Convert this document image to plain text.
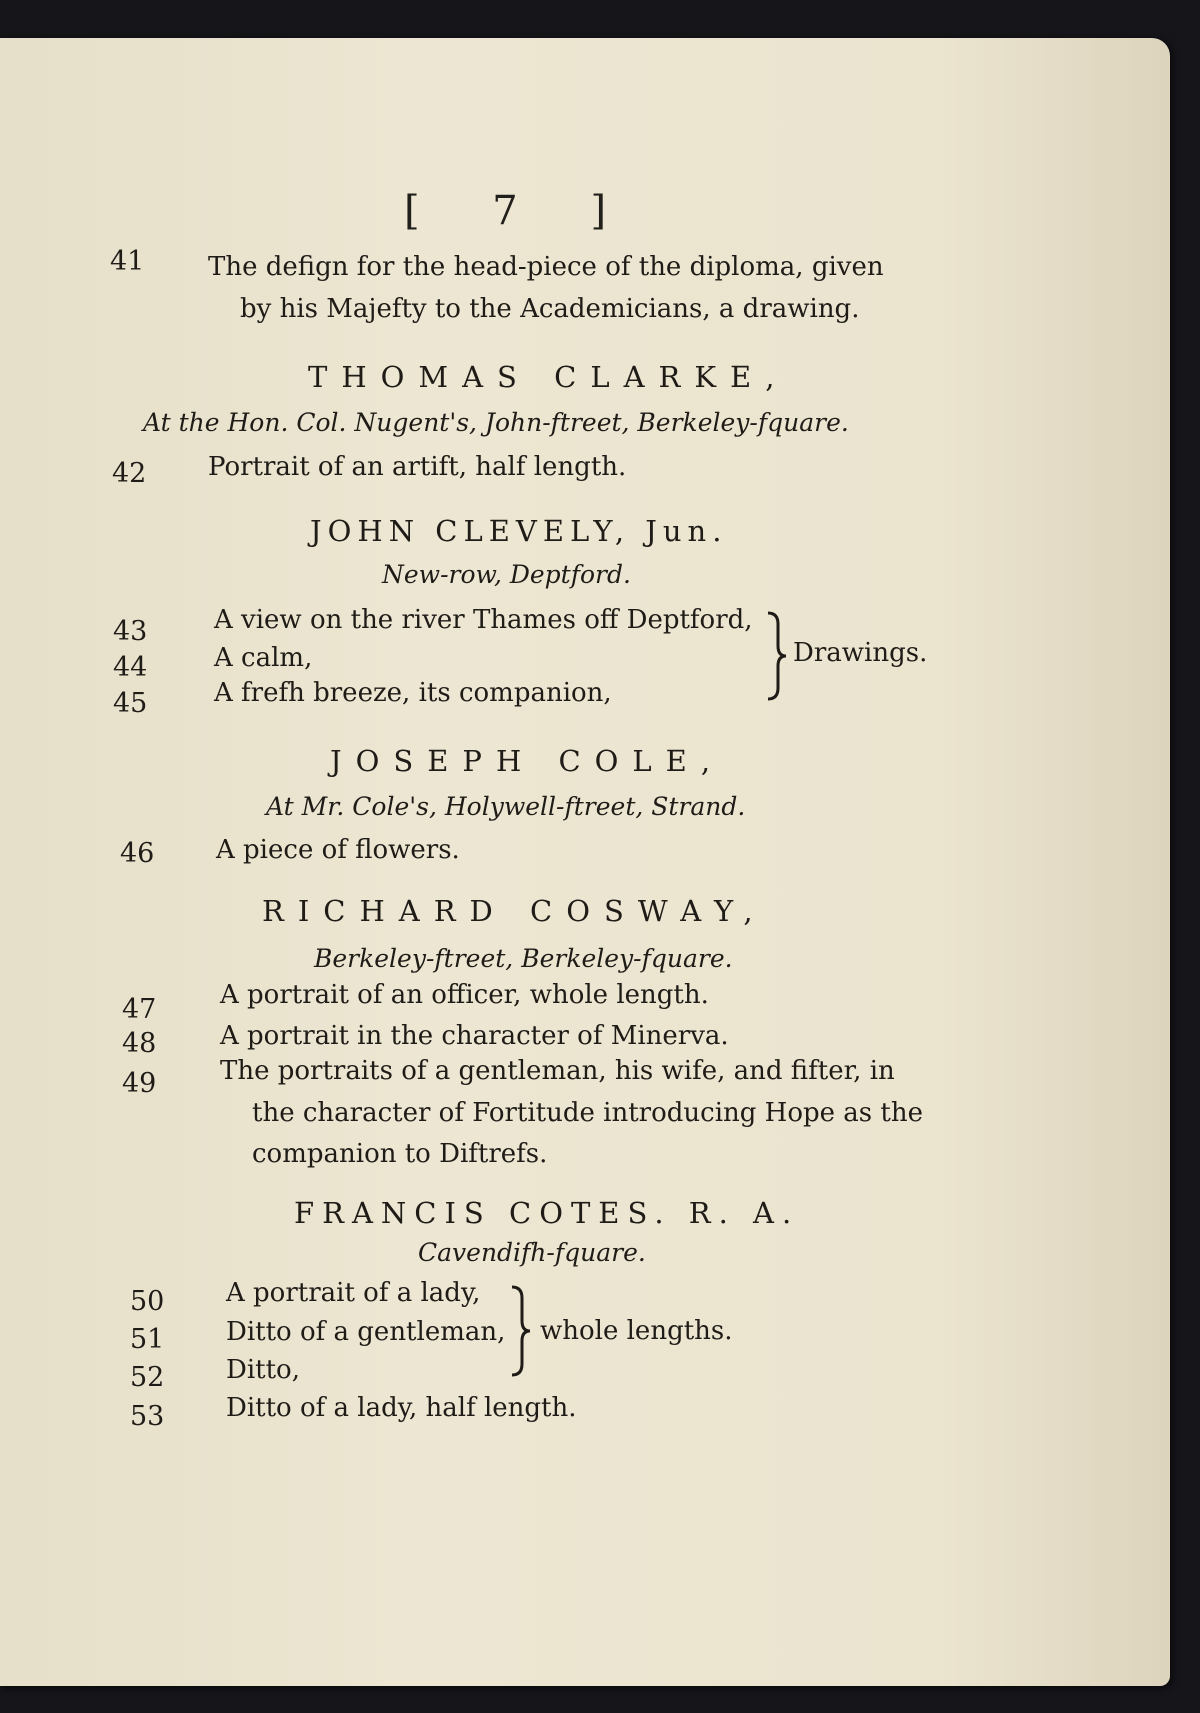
[ 7 ]
41 The defign for the head-piece of the diploma, given
by his Majefty to the Academicians, a drawing.
THOMAS CLARKE,
At the Hon. Col. Nugent's, John-ftreet, Berkeley-fquare.
42 Portrait of an artift, half length.
JOHN CLEVELY, Jun.
New-row, Deptford.
43	A view on the river Thames off Deptford,
44	A calm,
45	A frefh breeze, its companion,
Drawings.
JOSEPH COLE,
At Mr. Cole's, Holywell-ftreet, Strand.
46 A piece of flowers.
RICHARD COSWAY,
Berkeley-ftreet, Berkeley-fquare.
47 A portrait of an officer, whole length.
48 A portrait in the character of Minerva.
49 The portraits of a gentleman, his wife, and fifter, in
the character of Fortitude introducing Hope as the
companion to Diftrefs.
FRANCIS COTES. R. A.
Cavendifh-fquare.
50 A portrait of a lady,
51 Ditto of a gentleman,
52 Ditto,
53 Ditto of a lady, half length.
whole lengths.
